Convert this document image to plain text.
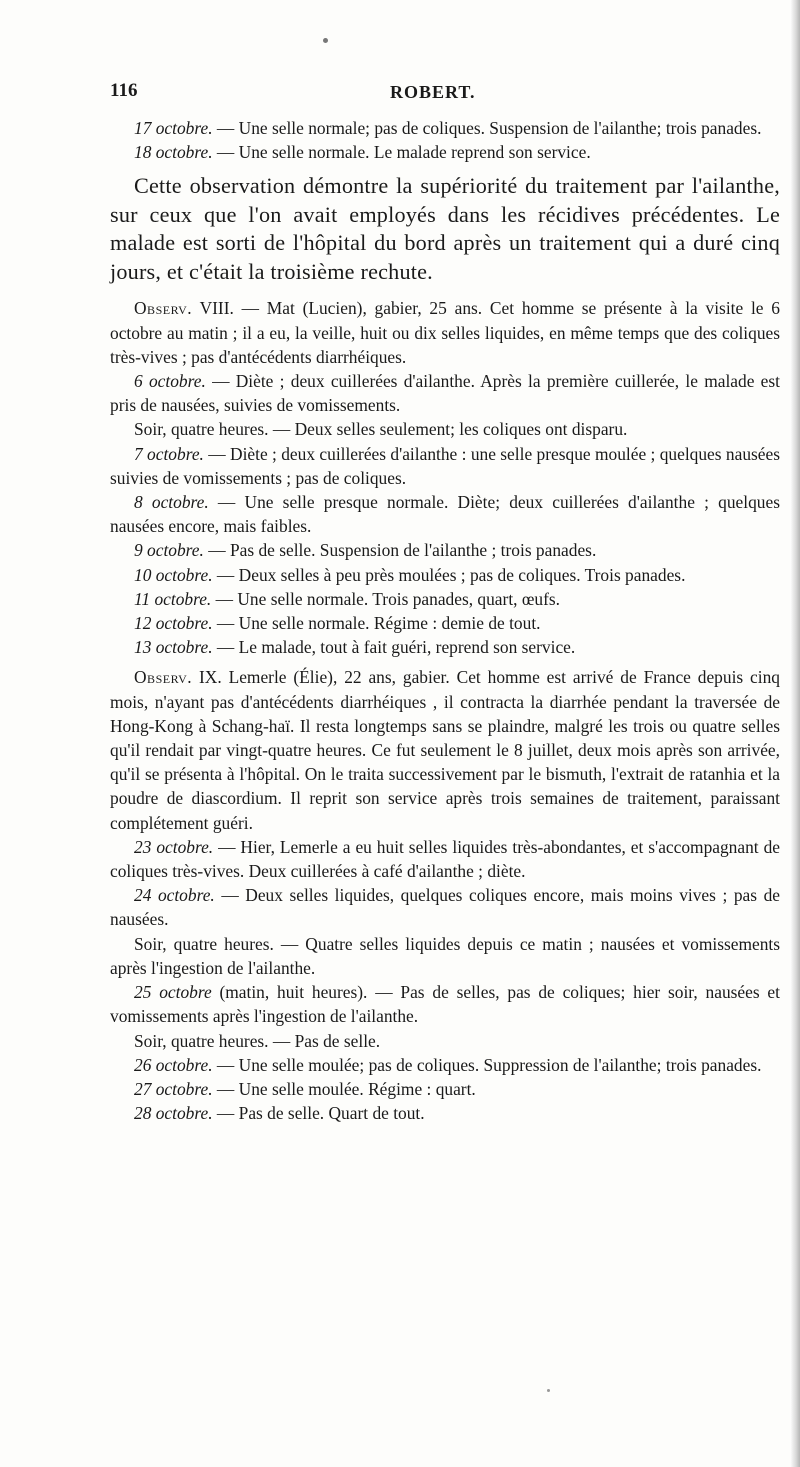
116	ROBERT.

17 octobre. — Une selle normale; pas de coliques. Suspension de l'ailanthe; trois panades.

18 octobre. — Une selle normale. Le malade reprend son service.

Cette observation démontre la supériorité du traitement par l'ailanthe, sur ceux que l'on avait employés dans les récidives précédentes. Le malade est sorti de l'hôpital du bord après un traitement qui a duré cinq jours, et c'était la troisième rechute.

Observ. VIII. — Mat (Lucien), gabier, 25 ans. Cet homme se présente à la visite le 6 octobre au matin ; il a eu, la veille, huit ou dix selles liquides, en même temps que des coliques très-vives ; pas d'antécédents diarrhéiques.

6 octobre. — Diète ; deux cuillerées d'ailanthe. Après la première cuillerée, le malade est pris de nausées, suivies de vomissements.

Soir, quatre heures. — Deux selles seulement; les coliques ont disparu.

7 octobre. — Diète ; deux cuillerées d'ailanthe : une selle presque moulée ; quelques nausées suivies de vomissements ; pas de coliques.

8 octobre. — Une selle presque normale. Diète; deux cuillerées d'ailanthe ; quelques nausées encore, mais faibles.

9 octobre. — Pas de selle. Suspension de l'ailanthe ; trois panades.

10 octobre. — Deux selles à peu près moulées ; pas de coliques. Trois panades.

11 octobre. — Une selle normale. Trois panades, quart, œufs.

12 octobre. — Une selle normale. Régime : demie de tout.

13 octobre. — Le malade, tout à fait guéri, reprend son service.

Observ. IX. Lemerle (Élie), 22 ans, gabier. Cet homme est arrivé de France depuis cinq mois, n'ayant pas d'antécédents diarrhéiques , il contracta la diarrhée pendant la traversée de Hong-Kong à Schang-haï. Il resta longtemps sans se plaindre, malgré les trois ou quatre selles qu'il rendait par vingt-quatre heures. Ce fut seulement le 8 juillet, deux mois après son arrivée, qu'il se présenta à l'hôpital. On le traita successivement par le bismuth, l'extrait de ratanhia et la poudre de diascordium. Il reprit son service après trois semaines de traitement, paraissant complétement guéri.

23 octobre. — Hier, Lemerle a eu huit selles liquides très-abondantes, et s'accompagnant de coliques très-vives. Deux cuillerées à café d'ailanthe ; diète.

24 octobre. — Deux selles liquides, quelques coliques encore, mais moins vives ; pas de nausées.

Soir, quatre heures. — Quatre selles liquides depuis ce matin ; nausées et vomissements après l'ingestion de l'ailanthe.

25 octobre (matin, huit heures). — Pas de selles, pas de coliques; hier soir, nausées et vomissements après l'ingestion de l'ailanthe.

Soir, quatre heures. — Pas de selle.

26 octobre. — Une selle moulée; pas de coliques. Suppression de l'ailanthe; trois panades.

27 octobre. — Une selle moulée. Régime : quart.

28 octobre. — Pas de selle. Quart de tout.
